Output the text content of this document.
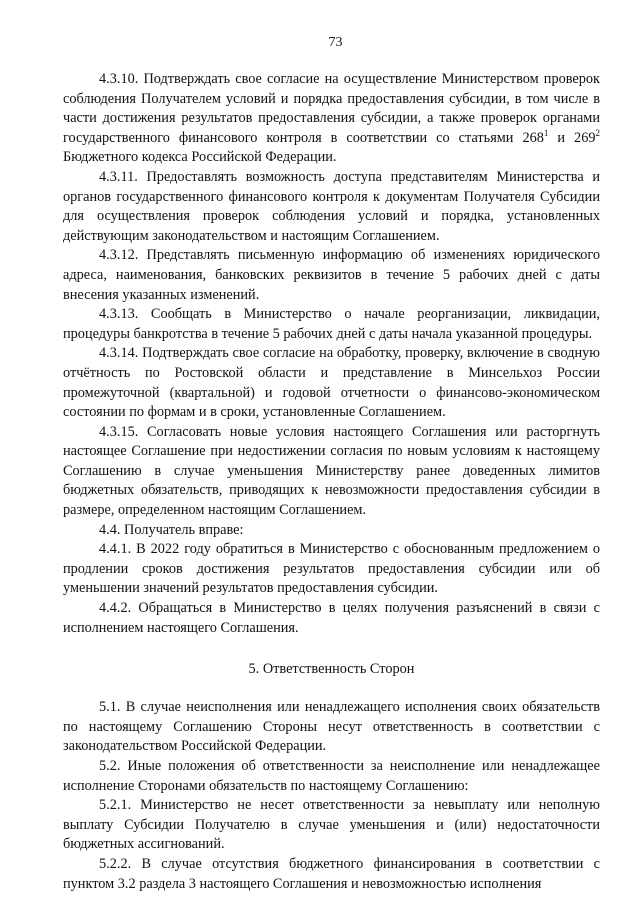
73

4.3.10. Подтверждать свое согласие на осуществление Министерством проверок соблюдения Получателем условий и порядка предоставления субсидии, в том числе в части достижения результатов предоставления субсидии, а также проверок органами государственного финансового контроля в соответствии со статьями $268^1$ и $269^2$ Бюджетного кодекса Российской Федерации.

4.3.11. Предоставлять возможность доступа представителям Министерства и органов государственного финансового контроля к документам Получателя Субсидии для осуществления проверок соблюдения условий и порядка, установленных действующим законодательством и настоящим Соглашением.

4.3.12. Представлять письменную информацию об изменениях юридического адреса, наименования, банковских реквизитов в течение 5 рабочих дней с даты внесения указанных изменений.

4.3.13. Сообщать в Министерство о начале реорганизации, ликвидации, процедуры банкротства в течение 5 рабочих дней с даты начала указанной процедуры.

4.3.14. Подтверждать свое согласие на обработку, проверку, включение в сводную отчётность по Ростовской области и представление в Минсельхоз России промежуточной (квартальной) и годовой отчетности о финансово-экономическом состоянии по формам и в сроки, установленные Соглашением.

4.3.15. Согласовать новые условия настоящего Соглашения или расторгнуть настоящее Соглашение при недостижении согласия по новым условиям к настоящему Соглашению в случае уменьшения Министерству ранее доведенных лимитов бюджетных обязательств, приводящих к невозможности предоставления субсидии в размере, определенном настоящим Соглашением.

4.4. Получатель вправе:

4.4.1. В 2022 году обратиться в Министерство с обоснованным предложением о продлении сроков достижения результатов предоставления субсидии или об уменьшении значений результатов предоставления субсидии.

4.4.2. Обращаться в Министерство в целях получения разъяснений в связи с исполнением настоящего Соглашения.

5. Ответственность Сторон

5.1. В случае неисполнения или ненадлежащего исполнения своих обязательств по настоящему Соглашению Стороны несут ответственность в соответствии с законодательством Российской Федерации.

5.2. Иные положения об ответственности за неисполнение или ненадлежащее исполнение Сторонами обязательств по настоящему Соглашению:

5.2.1. Министерство не несет ответственности за невыплату или неполную выплату Субсидии Получателю в случае уменьшения и (или) недостаточности бюджетных ассигнований.

5.2.2. В случае отсутствия бюджетного финансирования в соответствии с пунктом 3.2 раздела 3 настоящего Соглашения и невозможностью исполнения
